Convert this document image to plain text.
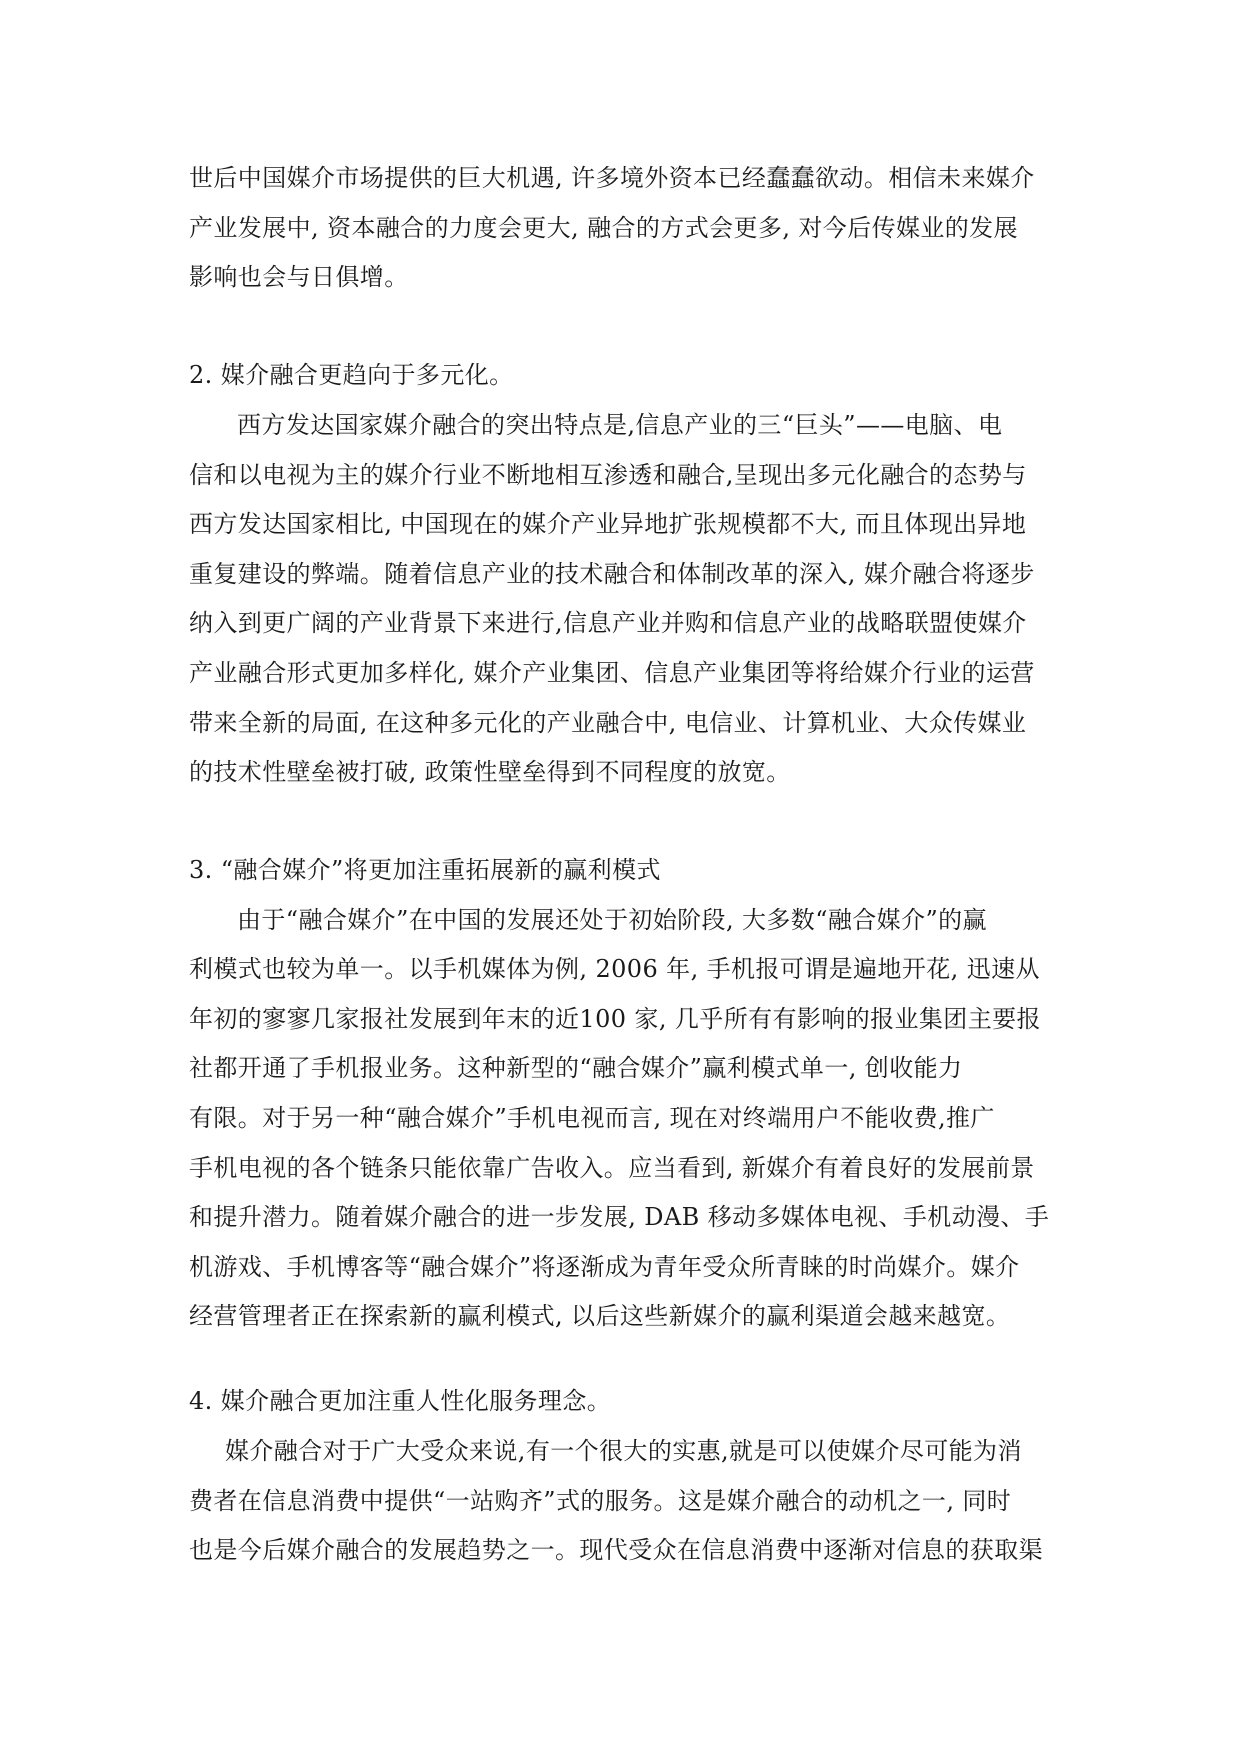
世后中国媒介市场提供的巨大机遇, 许多境外资本已经蠢蠢欲动。相信未来媒介
产业发展中, 资本融合的力度会更大, 融合的方式会更多, 对今后传媒业的发展
影响也会与日俱增。
2. 媒介融合更趋向于多元化。
西方发达国家媒介融合的突出特点是,信息产业的三“巨头”——电脑、电
信和以电视为主的媒介行业不断地相互渗透和融合,呈现出多元化融合的态势与
西方发达国家相比, 中国现在的媒介产业异地扩张规模都不大, 而且体现出异地
重复建设的弊端。随着信息产业的技术融合和体制改革的深入, 媒介融合将逐步
纳入到更广阔的产业背景下来进行,信息产业并购和信息产业的战略联盟使媒介
产业融合形式更加多样化, 媒介产业集团、信息产业集团等将给媒介行业的运营
带来全新的局面, 在这种多元化的产业融合中, 电信业、计算机业、大众传媒业
的技术性壁垒被打破, 政策性壁垒得到不同程度的放宽。
3. “融合媒介”将更加注重拓展新的赢利模式
由于“融合媒介”在中国的发展还处于初始阶段, 大多数“融合媒介”的赢
利模式也较为单一。以手机媒体为例, 2006 年, 手机报可谓是遍地开花, 迅速从
年初的寥寥几家报社发展到年末的近100 家, 几乎所有有影响的报业集团主要报
社都开通了手机报业务。这种新型的“融合媒介”赢利模式单一, 创收能力
有限。对于另一种“融合媒介”手机电视而言, 现在对终端用户不能收费,推广
手机电视的各个链条只能依靠广告收入。应当看到, 新媒介有着良好的发展前景
和提升潜力。随着媒介融合的进一步发展, DAB 移动多媒体电视、手机动漫、手
机游戏、手机博客等“融合媒介”将逐渐成为青年受众所青睐的时尚媒介。媒介
经营管理者正在探索新的赢利模式, 以后这些新媒介的赢利渠道会越来越宽。
4. 媒介融合更加注重人性化服务理念。
媒介融合对于广大受众来说,有一个很大的实惠,就是可以使媒介尽可能为消
费者在信息消费中提供“一站购齐”式的服务。这是媒介融合的动机之一, 同时
也是今后媒介融合的发展趋势之一。现代受众在信息消费中逐渐对信息的获取渠
